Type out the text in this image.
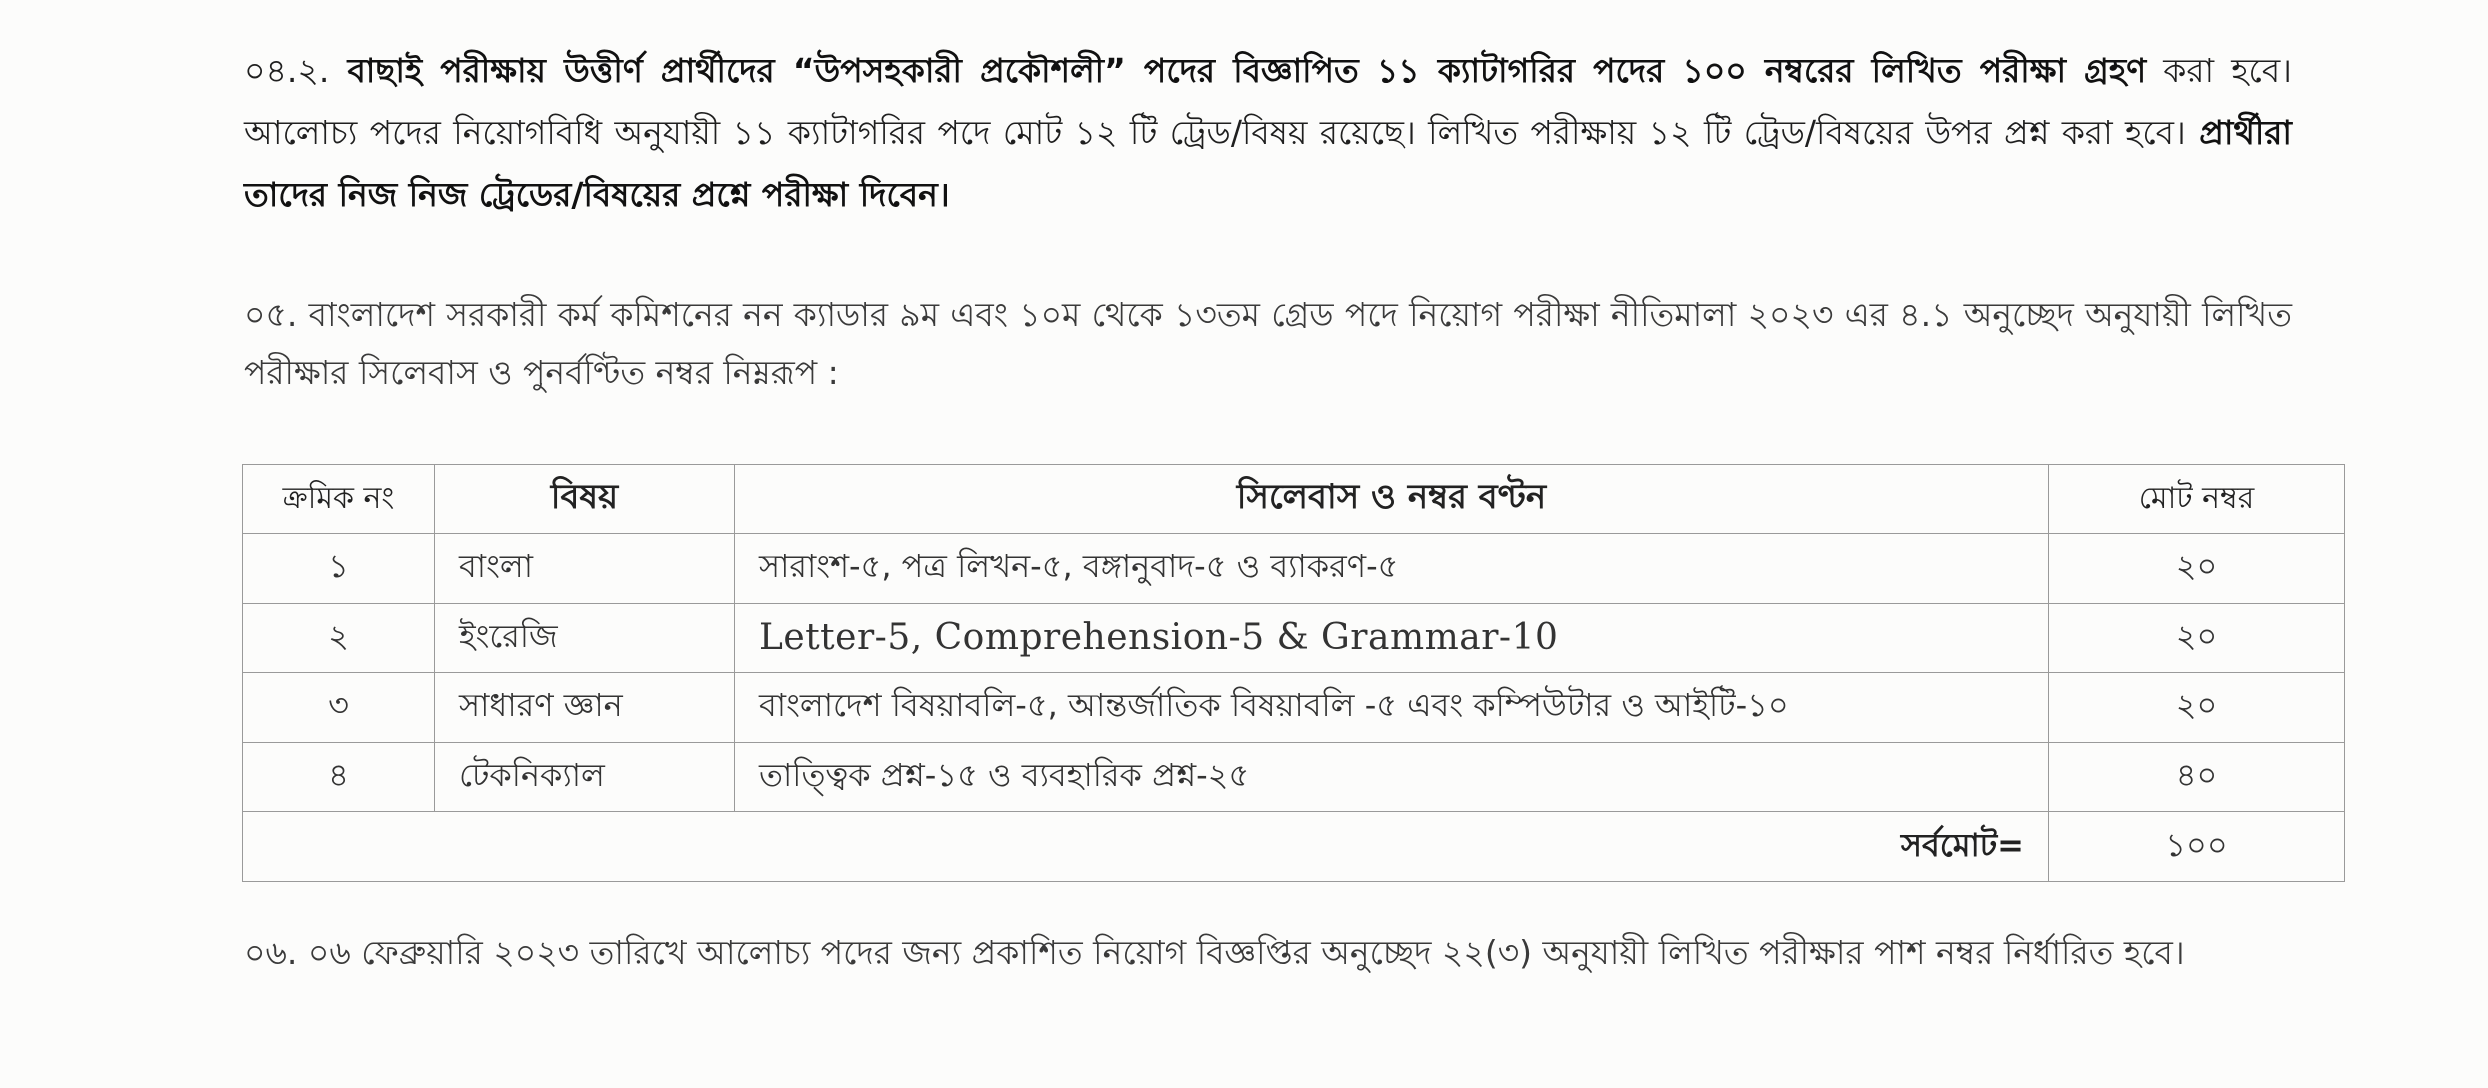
০৪.২. বাছাই পরীক্ষায় উত্তীর্ণ প্রার্থীদের “উপসহকারী প্রকৌশলী” পদের বিজ্ঞাপিত ১১ ক্যাটাগরির পদের ১০০ নম্বরের লিখিত পরীক্ষা গ্রহণ করা হবে। আলোচ্য পদের নিয়োগবিধি অনুযায়ী ১১ ক্যাটাগরির পদে মোট ১২ টি ট্রেড/বিষয় রয়েছে। লিখিত পরীক্ষায় ১২ টি ট্রেড/বিষয়ের উপর প্রশ্ন করা হবে। প্রার্থীরা তাদের নিজ নিজ ট্রেডের/বিষয়ের প্রশ্নে পরীক্ষা দিবেন।

০৫. বাংলাদেশ সরকারী কর্ম কমিশনের নন ক্যাডার ৯ম এবং ১০ম থেকে ১৩তম গ্রেড পদে নিয়োগ পরীক্ষা নীতিমালা ২০২৩ এর ৪.১ অনুচ্ছেদ অনুযায়ী লিখিত পরীক্ষার সিলেবাস ও পুনর্বণ্টিত নম্বর নিম্নরূপ :

ক্রমিক নং	বিষয়	সিলেবাস ও নম্বর বণ্টন	মোট নম্বর
১	বাংলা	সারাংশ-৫, পত্র লিখন-৫, বঙ্গানুবাদ-৫ ও ব্যাকরণ-৫	২০
২	ইংরেজি	Letter-5, Comprehension-5 & Grammar-10	২০
৩	সাধারণ জ্ঞান	বাংলাদেশ বিষয়াবলি-৫, আন্তর্জাতিক বিষয়াবলি -৫ এবং কম্পিউটার ও আইটি-১০	২০
৪	টেকনিক্যাল	তাত্ত্বিক প্রশ্ন-১৫ ও ব্যবহারিক প্রশ্ন-২৫	৪০
সর্বমোট=			১০০

০৬. ০৬ ফেব্রুয়ারি ২০২৩ তারিখে আলোচ্য পদের জন্য প্রকাশিত নিয়োগ বিজ্ঞপ্তির অনুচ্ছেদ ২২(৩) অনুযায়ী লিখিত পরীক্ষার পাশ নম্বর নির্ধারিত হবে।
